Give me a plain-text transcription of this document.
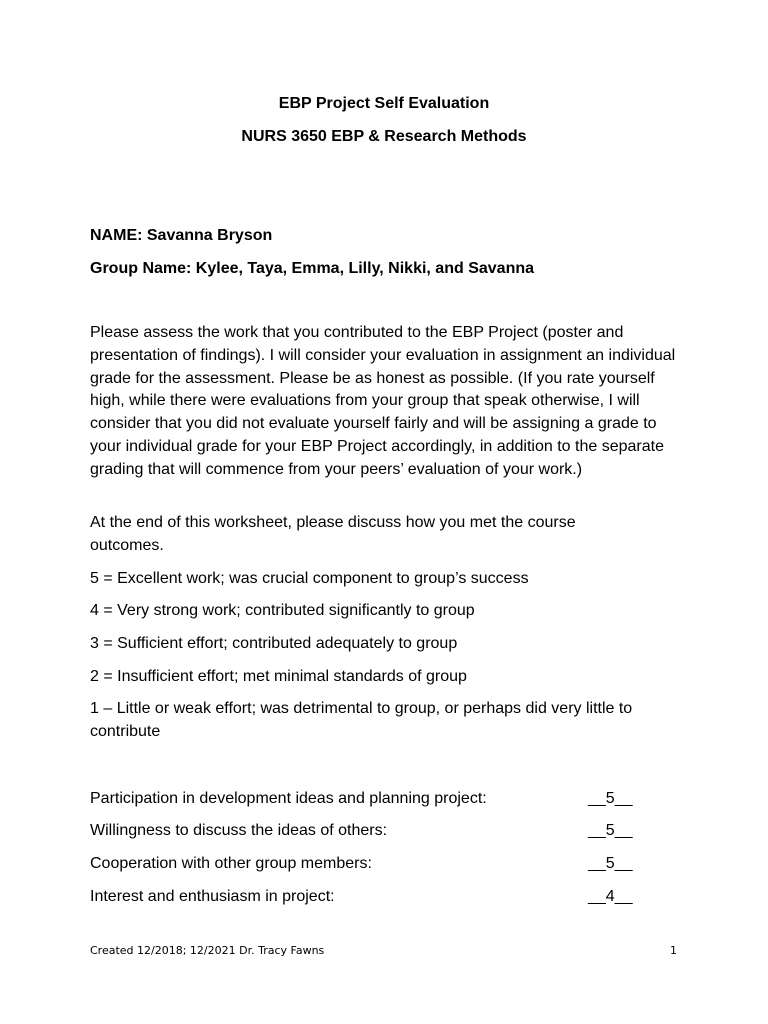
EBP Project Self Evaluation
NURS 3650 EBP & Research Methods
NAME: Savanna Bryson
Group Name: Kylee, Taya, Emma, Lilly, Nikki, and Savanna
Please assess the work that you contributed to the EBP Project (poster and presentation of findings). I will consider your evaluation in assignment an individual grade for the assessment. Please be as honest as possible. (If you rate yourself high, while there were evaluations from your group that speak otherwise, I will consider that you did not evaluate yourself fairly and will be assigning a grade to your individual grade for your EBP Project accordingly, in addition to the separate grading that will commence from your peers’ evaluation of your work.)
At the end of this worksheet, please discuss how you met the course outcomes.
5 = Excellent work; was crucial component to group’s success
4 = Very strong work; contributed significantly to group
3 = Sufficient effort; contributed adequately to group
2 = Insufficient effort; met minimal standards of group
1 – Little or weak effort; was detrimental to group, or perhaps did very little to contribute
Participation in development ideas and planning project:	__5__
Willingness to discuss the ideas of others:	__5__
Cooperation with other group members:	__5__
Interest and enthusiasm in project:	__4__
Created 12/2018; 12/2021 Dr. Tracy Fawns	1
